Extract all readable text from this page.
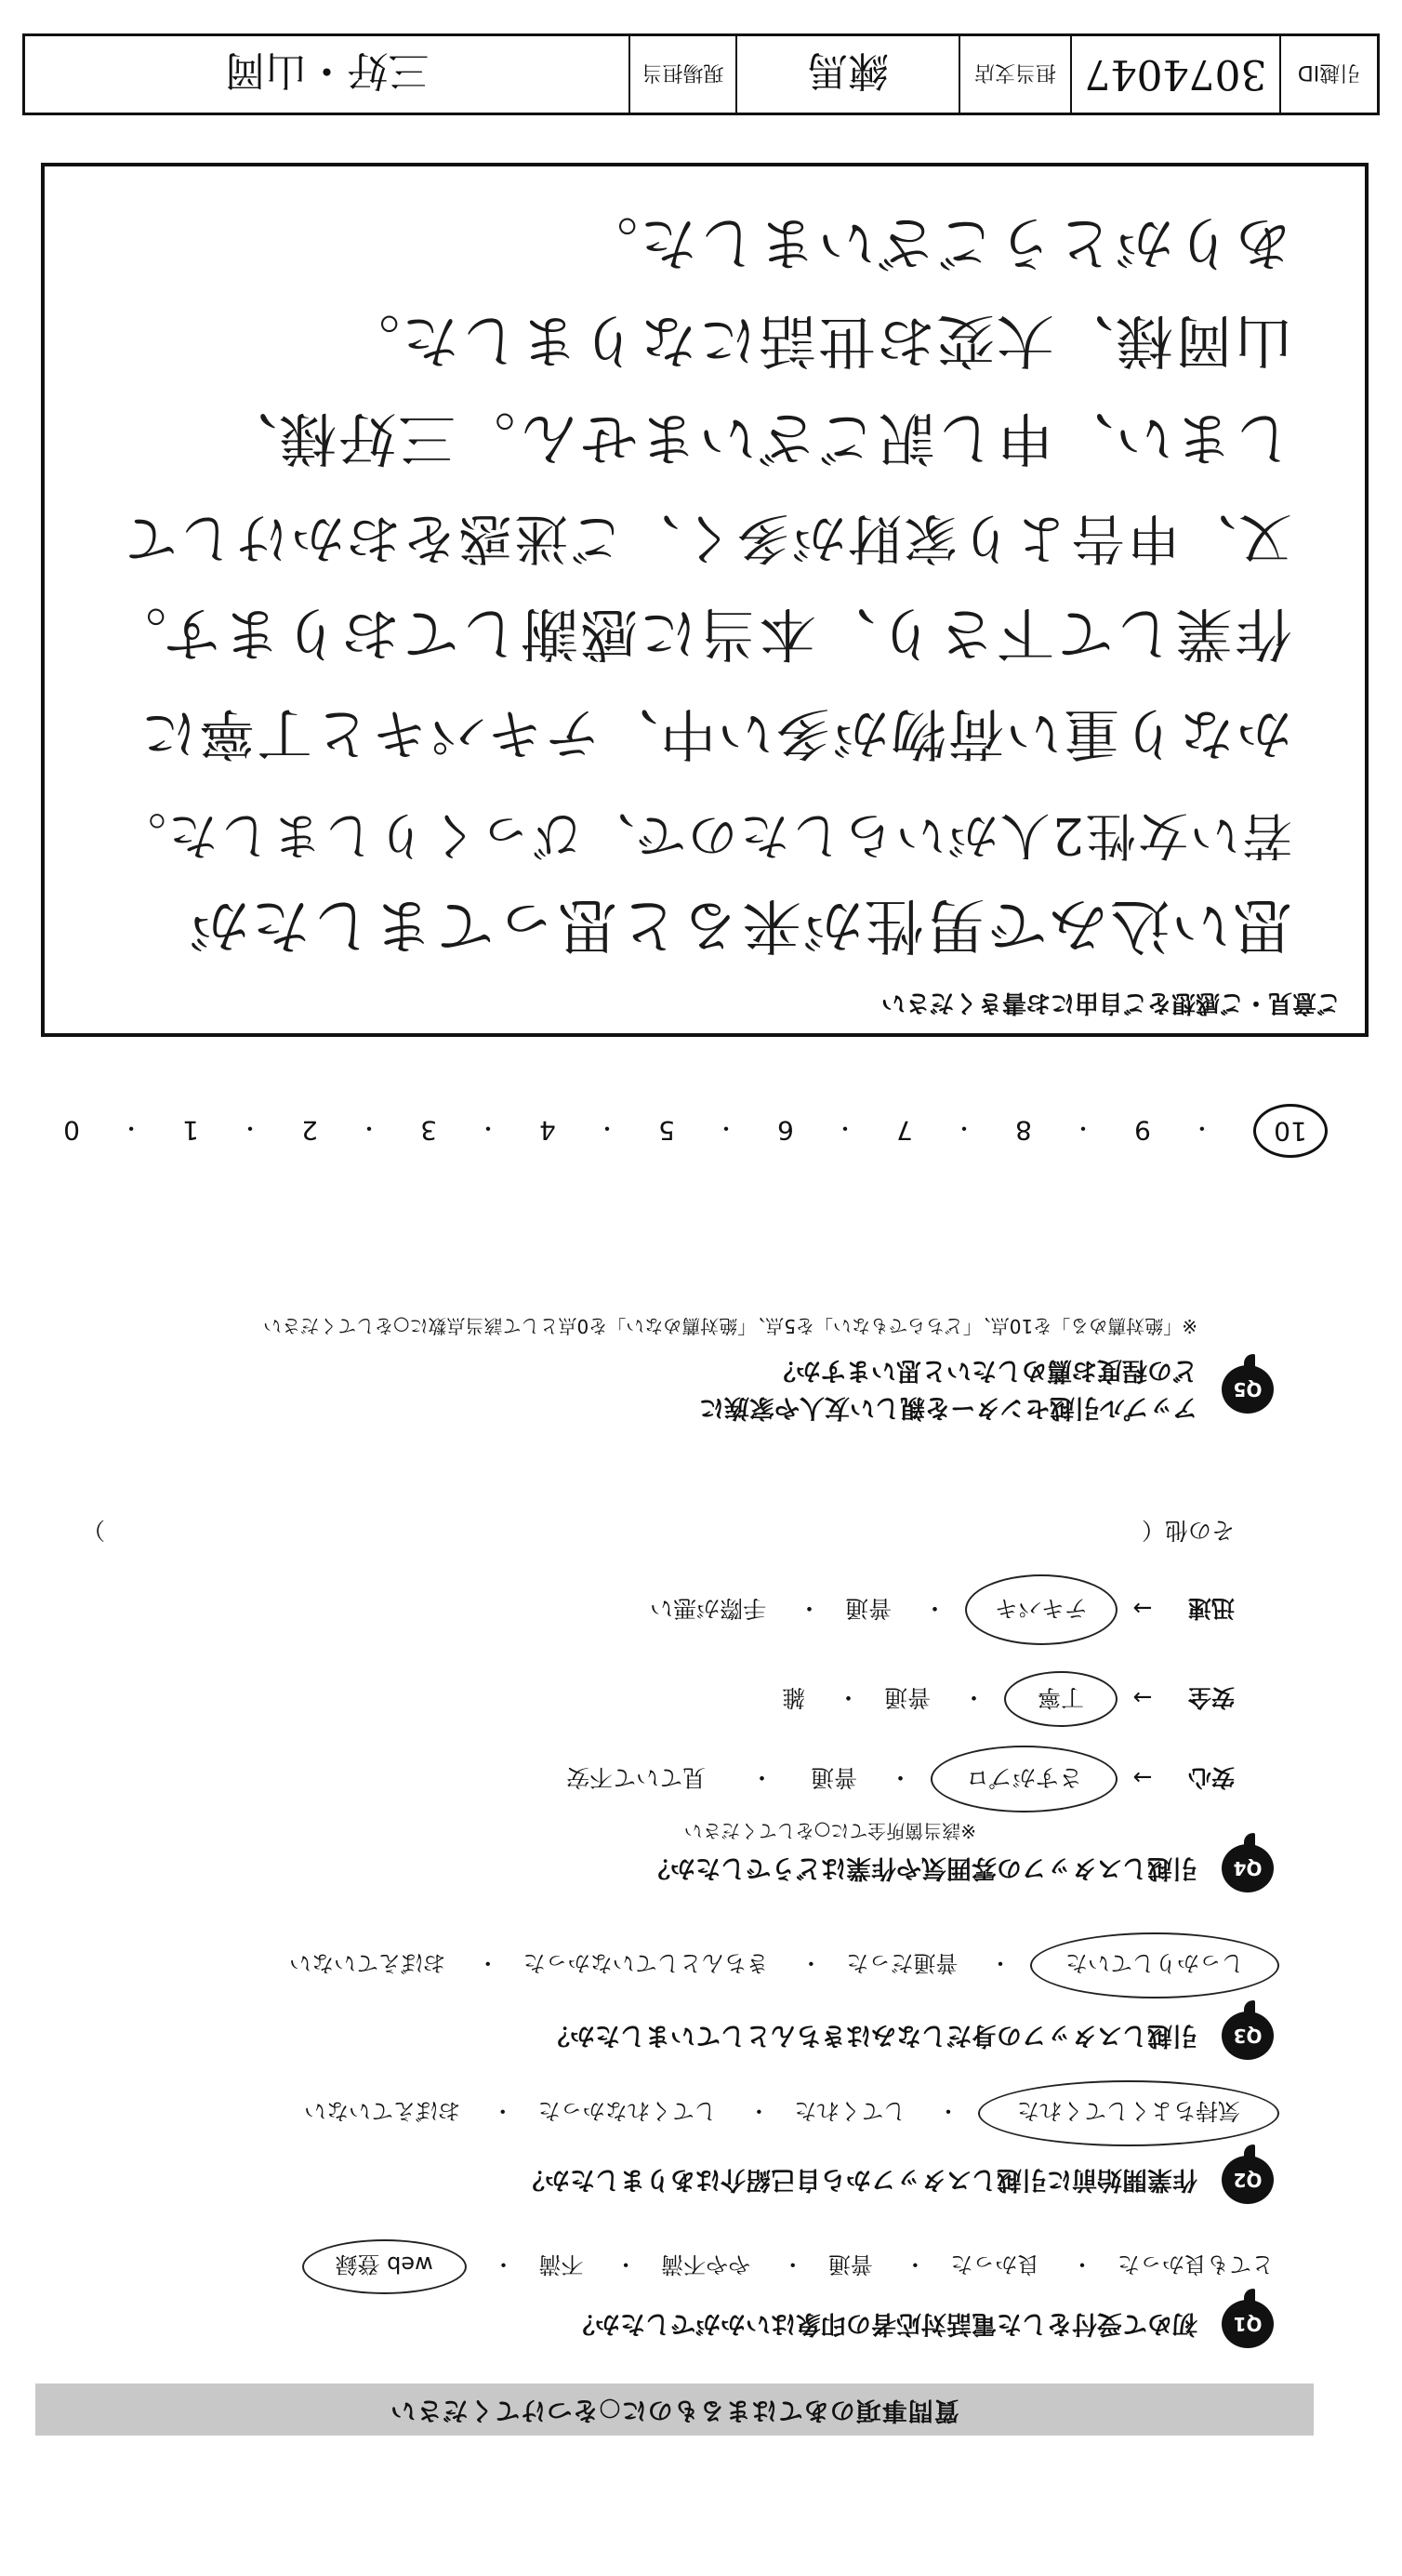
質問事項のあてはまるものに○をつけてください
Q1
初めて受付をした電話対応者の印象はいかがでしたか？
とても良かった・ 良かった・ 普通・ やや不満・ 不満・ web 登録
Q2
作業開始前に引越しスタッフから自己紹介はありましたか？
気持ちよくしてくれた・ してくれた・ してくれなかった・ おぼえていない
Q3
引越しスタッフの身だしなみはきちんとしていましたか？
しっかりしていた・ 普通だった・ きちんとしていなかった・ おぼえていない
Q4
引越しスタッフの雰囲気や作業はどうでしたか？
※該当箇所全てに○をしてください
安心→ さすがプロ・ 普通・ 見ていて不安
安全→ 丁寧・ 普通・ 雑
迅速→ テキパキ・ 普通・ 手際が悪い
その他（
）
Q5
アップル引越センターを親しい友人や家族に
どの程度お薦めしたいと思いますか？
※「絶対薦める」を10点、「どちらでもない」を5点、「絶対薦めない」を0点として該当点数に○をしてください
10
・
9
・
8
・
7
・
6
・
5
・
4
・
3
・
2
・
1
・
0
ご意見・ご感想をご自由にお書きください
思い込みで男性が来ると思ってましたが
若い女性2人がいらしたので、びっくりしました。
かなり重い荷物が多い中、テキパキと丁寧に
作業して下さり、本当に感謝しております。
又、申告より家財が多く、ご迷惑をおかけして
しまい、申し訳ございません。三好様、
山岡様、大変お世話になりました。
ありがとうございました。
引越ID
3074047
担当支店
練馬
現場担当
三好・山岡
